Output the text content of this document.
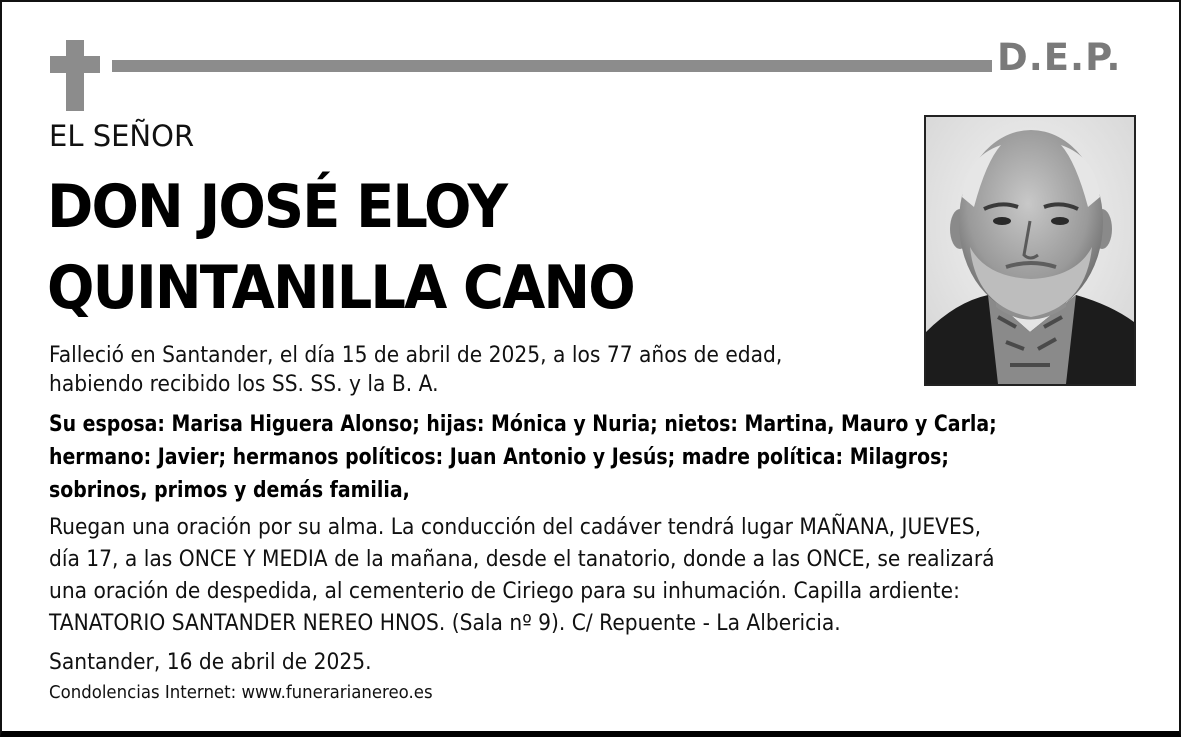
D.E.P.
EL SEÑOR
DON JOSÉ ELOY
QUINTANILLA CANO
Falleció en Santander, el día 15 de abril de 2025, a los 77 años de edad,
habiendo recibido los SS. SS. y la B. A.
Su esposa: Marisa Higuera Alonso; hijas: Mónica y Nuria; nietos: Martina, Mauro y Carla;
hermano: Javier; hermanos políticos: Juan Antonio y Jesús; madre política: Milagros;
sobrinos, primos y demás familia,
Ruegan una oración por su alma. La conducción del cadáver tendrá lugar MAÑANA, JUEVES,
día 17, a las ONCE Y MEDIA de la mañana, desde el tanatorio, donde a las ONCE, se realizará
una oración de despedida, al cementerio de Ciriego para su inhumación. Capilla ardiente:
TANATORIO SANTANDER NEREO HNOS. (Sala nº 9). C/ Repuente - La Albericia.
Santander, 16 de abril de 2025.
Condolencias Internet: www.funerarianereo.es
